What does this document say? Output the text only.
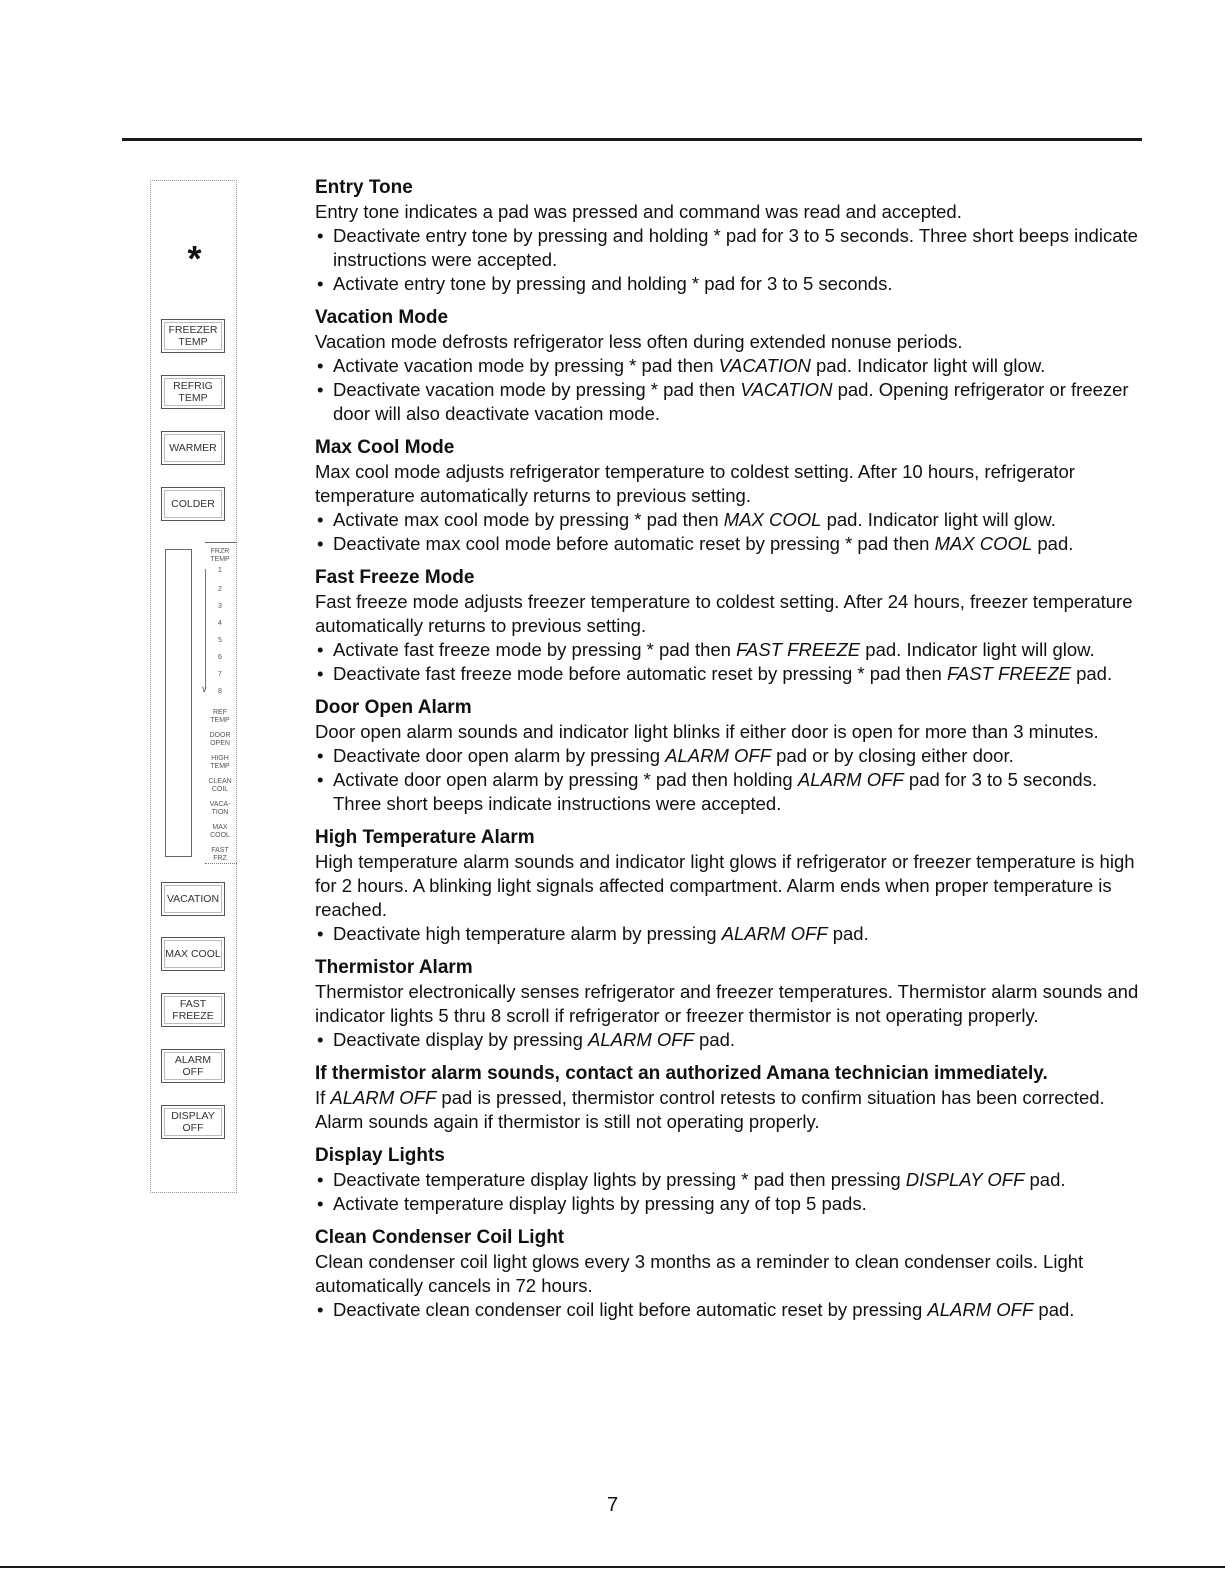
*
FREEZER
TEMP
REFRIG
TEMP
WARMER
COLDER
∨
FRZR
TEMP
1
2
3
4
5
6
7
8
REF
TEMP
DOOR
OPEN
HIGH
TEMP
CLEAN
COIL
VACA-
TION
MAX
COOL
FAST
FRZ
VACATION
MAX COOL
FAST
FREEZE
ALARM
OFF
DISPLAY
OFF

Entry Tone

Entry tone indicates a pad was pressed and command was read and accepted.

• Deactivate entry tone by pressing and holding * pad for 3 to 5 seconds. Three short beeps indicate instructions were accepted.
• Activate entry tone by pressing and holding * pad for 3 to 5 seconds.

Vacation Mode

Vacation mode defrosts refrigerator less often during extended nonuse periods.

• Activate vacation mode by pressing * pad then VACATION pad. Indicator light will glow.
• Deactivate vacation mode by pressing * pad then VACATION pad. Opening refrigerator or freezer door will also deactivate vacation mode.

Max Cool Mode

Max cool mode adjusts refrigerator temperature to coldest setting. After 10 hours, refrigerator temperature automatically returns to previous setting.

• Activate max cool mode by pressing * pad then MAX COOL pad. Indicator light will glow.
• Deactivate max cool mode before automatic reset by pressing * pad then MAX COOL pad.

Fast Freeze Mode

Fast freeze mode adjusts freezer temperature to coldest setting. After 24 hours, freezer temperature automatically returns to previous setting.

• Activate fast freeze mode by pressing * pad then FAST FREEZE pad. Indicator light will glow.
• Deactivate fast freeze mode before automatic reset by pressing * pad then FAST FREEZE pad.

Door Open Alarm

Door open alarm sounds and indicator light blinks if either door is open for more than 3 minutes.

• Deactivate door open alarm by pressing ALARM OFF pad or by closing either door.
• Activate door open alarm by pressing * pad then holding ALARM OFF pad for 3 to 5 seconds. Three short beeps indicate instructions were accepted.

High Temperature Alarm

High temperature alarm sounds and indicator light glows if refrigerator or freezer temperature is high for 2 hours. A blinking light signals affected compartment. Alarm ends when proper temperature is reached.

• Deactivate high temperature alarm by pressing ALARM OFF pad.

Thermistor Alarm

Thermistor electronically senses refrigerator and freezer temperatures. Thermistor alarm sounds and indicator lights 5 thru 8 scroll if refrigerator or freezer thermistor is not operating properly.

• Deactivate display by pressing ALARM OFF pad.

If thermistor alarm sounds, contact an authorized Amana technician immediately.

If ALARM OFF pad is pressed, thermistor control retests to confirm situation has been corrected. Alarm sounds again if thermistor is still not operating properly.

Display Lights

• Deactivate temperature display lights by pressing * pad then pressing DISPLAY OFF pad.
• Activate temperature display lights by pressing any of top 5 pads.

Clean Condenser Coil Light

Clean condenser coil light glows every 3 months as a reminder to clean condenser coils. Light automatically cancels in 72 hours.

• Deactivate clean condenser coil light before automatic reset by pressing ALARM OFF pad.
7
